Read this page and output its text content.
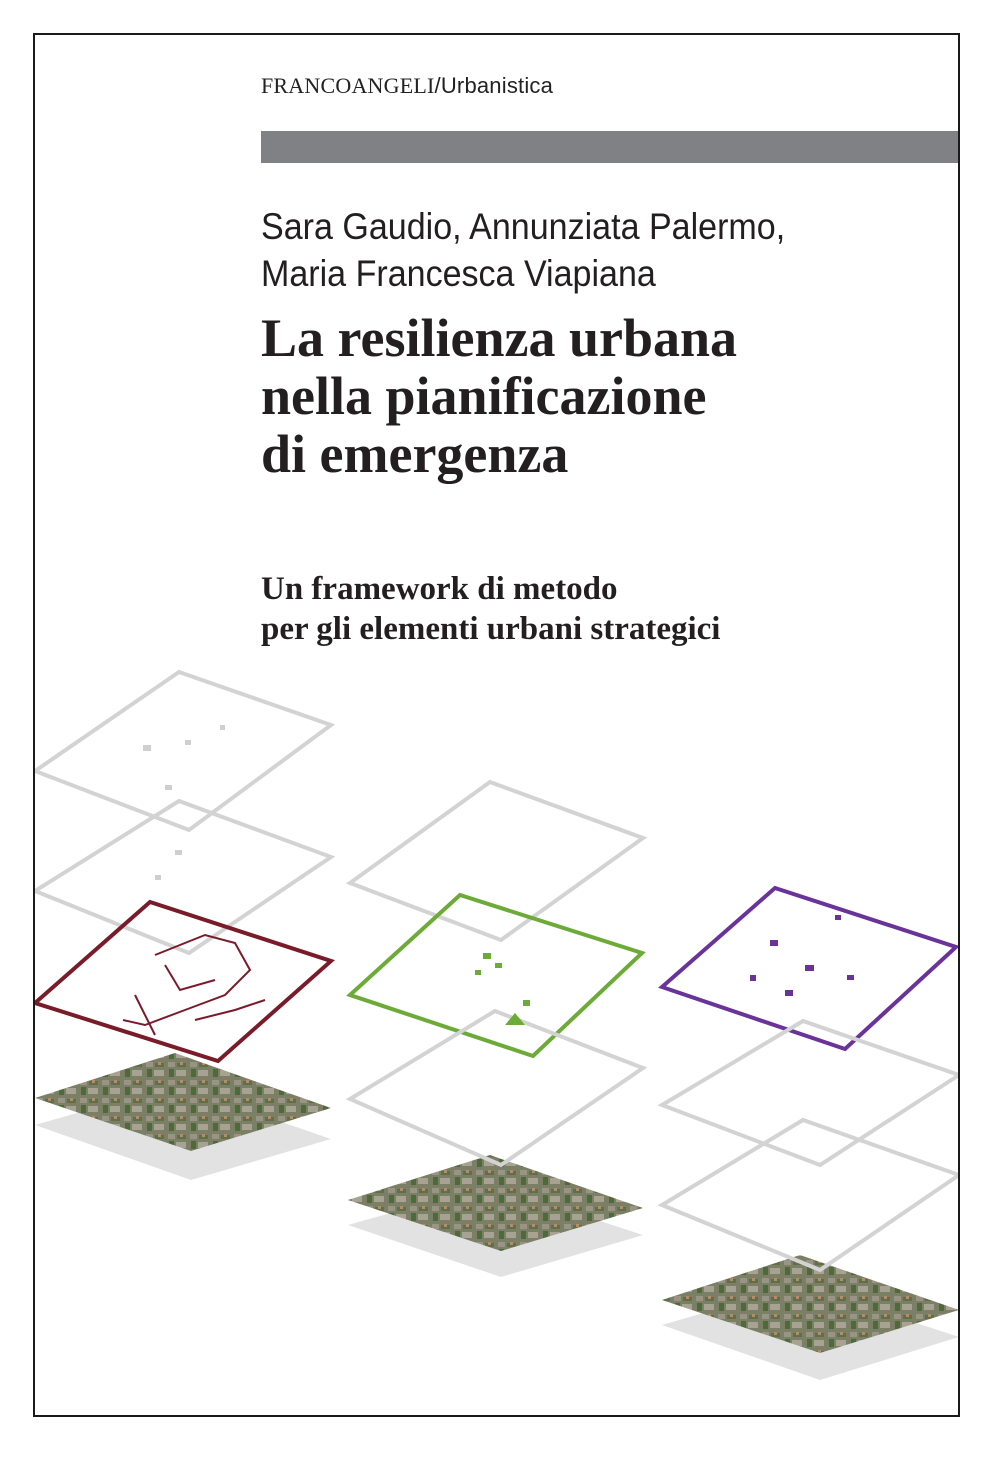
FRANCOANGELI/Urbanistica
Sara Gaudio, Annunziata Palermo,
Maria Francesca Viapiana
La resilienza urbana
nella pianificazione
di emergenza
Un framework di metodo
per gli elementi urbani strategici
